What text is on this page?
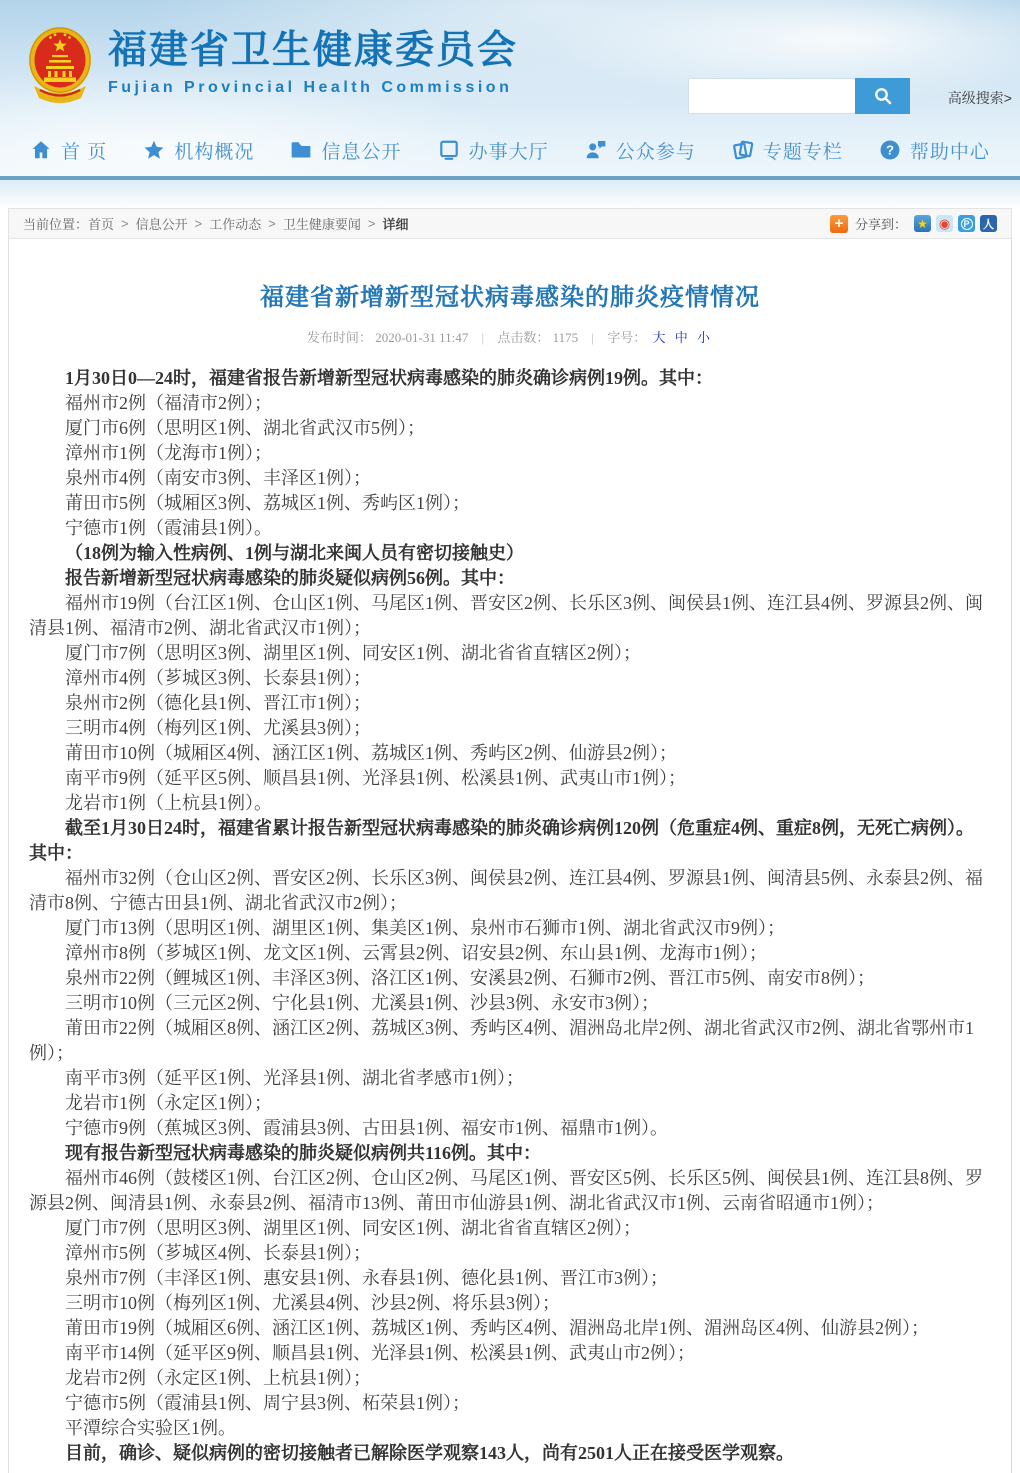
福建省卫生健康委员会
Fujian Provincial Health Commission
高级搜索>
首 页	机构概况	信息公开	办事大厅	公众参与	专题专栏	? 帮助中心
当前位置： 首页 > 信息公开 > 工作动态 > 卫生健康要闻 > 详细	+ 分享到： ★ ◉	P 人
福建省新增新型冠状病毒感染的肺炎疫情情况
发布时间： 2020-01-31 11:47 | 点击数： 1175 | 字号： 大 中 小

1月30日0—24时，福建省报告新增新型冠状病毒感染的肺炎确诊病例19例。其中：

福州市2例（福清市2例）；

厦门市6例（思明区1例、湖北省武汉市5例）；

漳州市1例（龙海市1例）；

泉州市4例（南安市3例、丰泽区1例）；

莆田市5例（城厢区3例、荔城区1例、秀屿区1例）；

宁德市1例（霞浦县1例）。

（18例为输入性病例、1例与湖北来闽人员有密切接触史）

报告新增新型冠状病毒感染的肺炎疑似病例56例。其中：

福州市19例（台江区1例、仓山区1例、马尾区1例、晋安区2例、长乐区3例、闽侯县1例、连江县4例、罗源县2例、闽清县1例、福清市2例、湖北省武汉市1例）；

厦门市7例（思明区3例、湖里区1例、同安区1例、湖北省省直辖区2例）；

漳州市4例（芗城区3例、长泰县1例）；

泉州市2例（德化县1例、晋江市1例）；

三明市4例（梅列区1例、尤溪县3例）；

莆田市10例（城厢区4例、涵江区1例、荔城区1例、秀屿区2例、仙游县2例）；

南平市9例（延平区5例、顺昌县1例、光泽县1例、松溪县1例、武夷山市1例）；

龙岩市1例（上杭县1例）。

截至1月30日24时，福建省累计报告新型冠状病毒感染的肺炎确诊病例120例（危重症4例、重症8例，无死亡病例）。其中：

福州市32例（仓山区2例、晋安区2例、长乐区3例、闽侯县2例、连江县4例、罗源县1例、闽清县5例、永泰县2例、福清市8例、宁德古田县1例、湖北省武汉市2例）；

厦门市13例（思明区1例、湖里区1例、集美区1例、泉州市石狮市1例、湖北省武汉市9例）；

漳州市8例（芗城区1例、龙文区1例、云霄县2例、诏安县2例、东山县1例、龙海市1例）；

泉州市22例（鲤城区1例、丰泽区3例、洛江区1例、安溪县2例、石狮市2例、晋江市5例、南安市8例）；

三明市10例（三元区2例、宁化县1例、尤溪县1例、沙县3例、永安市3例）；

莆田市22例（城厢区8例、涵江区2例、荔城区3例、秀屿区4例、湄洲岛北岸2例、湖北省武汉市2例、湖北省鄂州市1例）；

南平市3例（延平区1例、光泽县1例、湖北省孝感市1例）；

龙岩市1例（永定区1例）；

宁德市9例（蕉城区3例、霞浦县3例、古田县1例、福安市1例、福鼎市1例）。

现有报告新型冠状病毒感染的肺炎疑似病例共116例。其中：

福州市46例（鼓楼区1例、台江区2例、仓山区2例、马尾区1例、晋安区5例、长乐区5例、闽侯县1例、连江县8例、罗源县2例、闽清县1例、永泰县2例、福清市13例、莆田市仙游县1例、湖北省武汉市1例、云南省昭通市1例）；

厦门市7例（思明区3例、湖里区1例、同安区1例、湖北省省直辖区2例）；

漳州市5例（芗城区4例、长泰县1例）；

泉州市7例（丰泽区1例、惠安县1例、永春县1例、德化县1例、晋江市3例）；

三明市10例（梅列区1例、尤溪县4例、沙县2例、将乐县3例）；

莆田市19例（城厢区6例、涵江区1例、荔城区1例、秀屿区4例、湄洲岛北岸1例、湄洲岛区4例、仙游县2例）；

南平市14例（延平区9例、顺昌县1例、光泽县1例、松溪县1例、武夷山市2例）；

龙岩市2例（永定区1例、上杭县1例）；

宁德市5例（霞浦县1例、周宁县3例、柘荣县1例）；

平潭综合实验区1例。

目前，确诊、疑似病例的密切接触者已解除医学观察143人，尚有2501人正在接受医学观察。
